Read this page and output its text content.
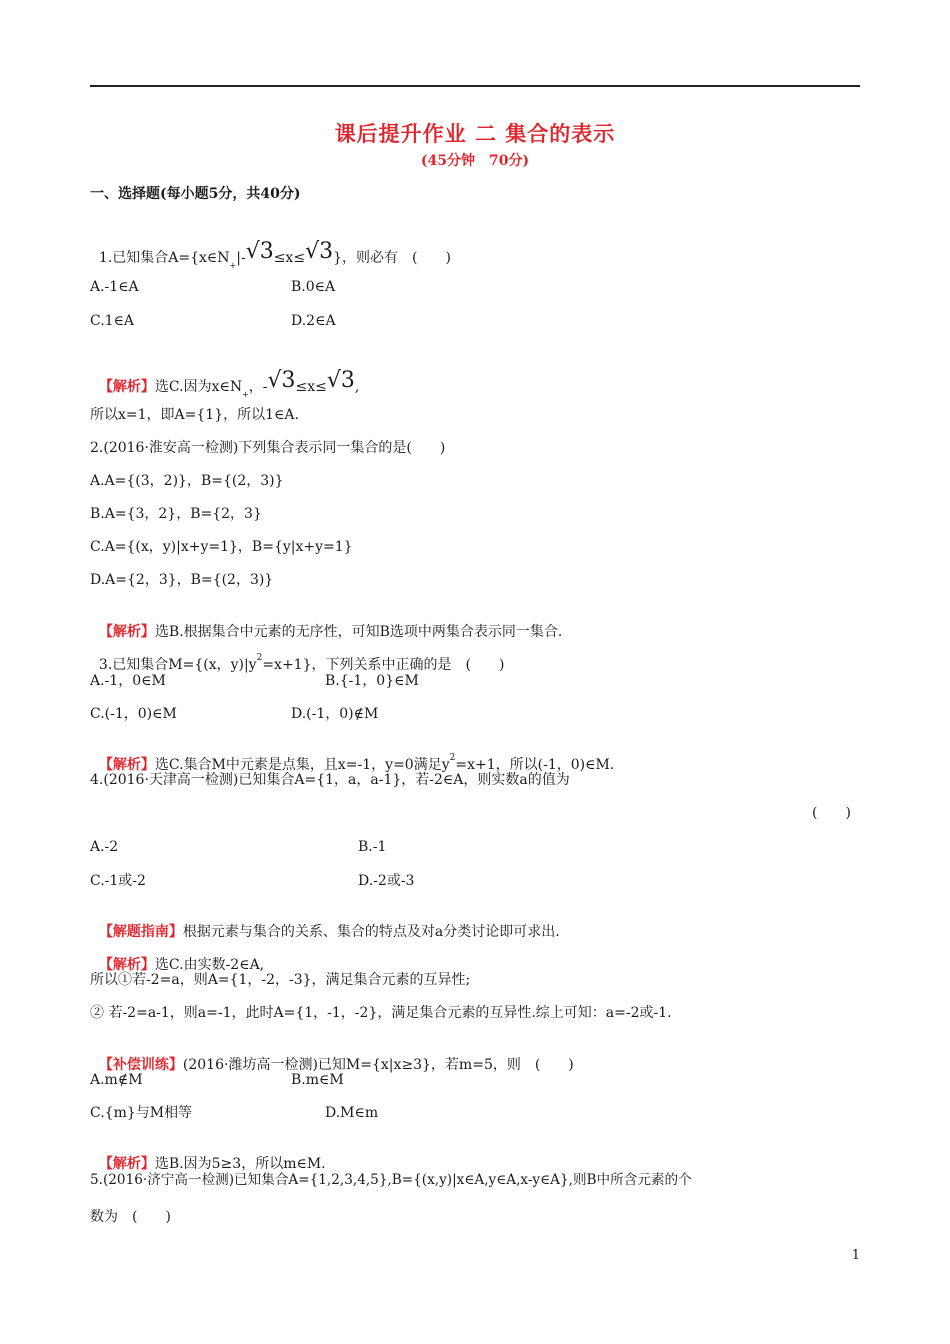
课后提升作业 二 集合的表示
(45分钟　70分)
一、选择题(每小题5分，共40分)

1.已知集合$A=\{x\in N_+|-√3\le x\le√3\}$，则必有　(　　)

A.-1∈A	B.0∈A
C.1∈A	D.2∈A

【解析】选C.因为$x\in N_+$，-√3≤x≤√3,

所以x=1，即A={1}，所以1∈A.
2.(2016·淮安高一检测)下列集合表示同一集合的是(　　)
A.A={(3，2)}，B={(2，3)}
B.A={3，2}，B={2，3}
C.A={(x，y)|x+y=1}，B={y|x+y=1}
D.A={2，3}，B={(2，3)}

【解析】选B.根据集合中元素的无序性，可知B选项中两集合表示同一集合.

3.已知集合M={(x，$y)|y^2=x+1$}，下列关系中正确的是　(　　)

A.-1，0∈M	B.{-1，0}∈M
C.(-1，0)∈M	D.(-1，0)∉M

【解析】选C.集合M中元素是点集，且x=-1，y=0满足$y^2=x+1$，所以(-1，0)∈M.

4.(2016·天津高一检测)已知集合A={1，a，a-1}，若-2∈A，则实数a的值为
(　　)
A.-2	B.-1
C.-1或-2	D.-2或-3

【解题指南】根据元素与集合的关系、集合的特点及对a分类讨论即可求出.

【解析】选C.由实数-2∈A,

所以①若-2=a，则A={1，-2，-3}，满足集合元素的互异性;
② 若-2=a-1，则a=-1，此时A={1，-1，-2}，满足集合元素的互异性.综上可知：a=-2或-1.

【补偿训练】(2016·潍坊高一检测)已知M={x|x≥3}，若m=5，则　(　　)

A.m∉M	B.m∈M
C.{m}与M相等	D.M∈m

【解析】选B.因为5≥3，所以m∈M.

5.(2016·济宁高一检测)已知集合A={1,2,3,4,5},B={(x,y)|x∈A,y∈A,x-y∈A},则B中所含元素的个
数为　(　　)
1
